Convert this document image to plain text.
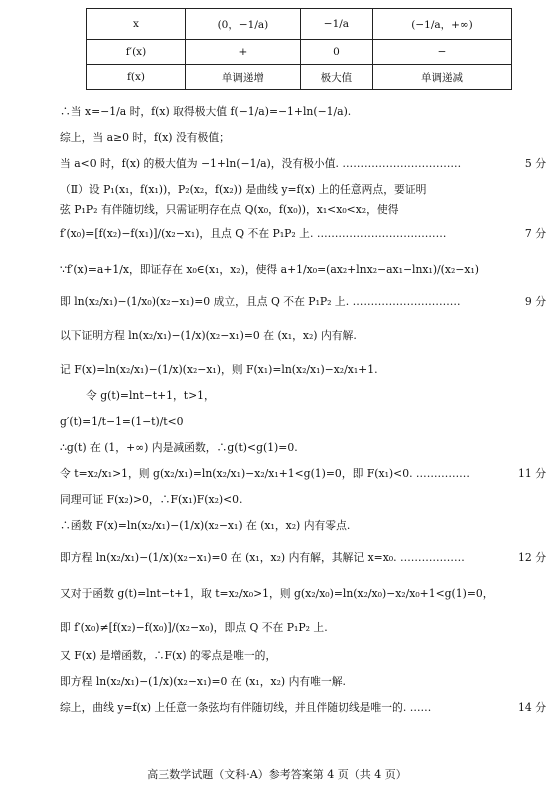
x	(0，−1/a)	−1/a	(−1/a，+∞)
f′(x)	+	0	−
f(x)	单调递增	极大值	单调递减
∴当 x=−1/a 时，f(x) 取得极大值 f(−1/a)=−1+ln(−1/a).
综上，当 a≥0 时，f(x) 没有极值；
当 a<0 时，f(x) 的极大值为 −1+ln(−1/a)，没有极小值. ……………………………	5 分
（Ⅱ）设 P₁(x₁，f(x₁))，P₂(x₂，f(x₂)) 是曲线 y=f(x) 上的任意两点，要证明
弦 P₁P₂ 有伴随切线，只需证明存在点 Q(x₀，f(x₀))，x₁<x₀<x₂，使得
f′(x₀)=[f(x₂)−f(x₁)]/(x₂−x₁)，且点 Q 不在 P₁P₂ 上. ………………………………	7 分
∵f′(x)=a+1/x，即证存在 x₀∈(x₁，x₂)，使得 a+1/x₀=(ax₂+lnx₂−ax₁−lnx₁)/(x₂−x₁)
即 ln(x₂/x₁)−(1/x₀)(x₂−x₁)=0 成立，且点 Q 不在 P₁P₂ 上. …………………………	9 分
以下证明方程 ln(x₂/x₁)−(1/x)(x₂−x₁)=0 在 (x₁，x₂) 内有解.
记 F(x)=ln(x₂/x₁)−(1/x)(x₂−x₁)，则 F(x₁)=ln(x₂/x₁)−x₂/x₁+1.
令 g(t)=lnt−t+1，t>1，
g′(t)=1/t−1=(1−t)/t<0
∴g(t) 在 (1，+∞) 内是减函数，∴g(t)<g(1)=0.
令 t=x₂/x₁>1，则 g(x₂/x₁)=ln(x₂/x₁)−x₂/x₁+1<g(1)=0，即 F(x₁)<0. ……………	11 分
同理可证 F(x₂)>0，∴F(x₁)F(x₂)<0.
∴函数 F(x)=ln(x₂/x₁)−(1/x)(x₂−x₁) 在 (x₁，x₂) 内有零点.
即方程 ln(x₂/x₁)−(1/x)(x₂−x₁)=0 在 (x₁，x₂) 内有解，其解记 x=x₀. ………………	12 分
又对于函数 g(t)=lnt−t+1，取 t=x₂/x₀>1，则 g(x₂/x₀)=ln(x₂/x₀)−x₂/x₀+1<g(1)=0，
即 f′(x₀)≠[f(x₂)−f(x₀)]/(x₂−x₀)，即点 Q 不在 P₁P₂ 上.
又 F(x) 是增函数，∴F(x) 的零点是唯一的，
即方程 ln(x₂/x₁)−(1/x)(x₂−x₁)=0 在 (x₁，x₂) 内有唯一解.
综上，曲线 y=f(x) 上任意一条弦均有伴随切线，并且伴随切线是唯一的. ……	14 分
高三数学试题（文科·A）参考答案第 4 页（共 4 页）
